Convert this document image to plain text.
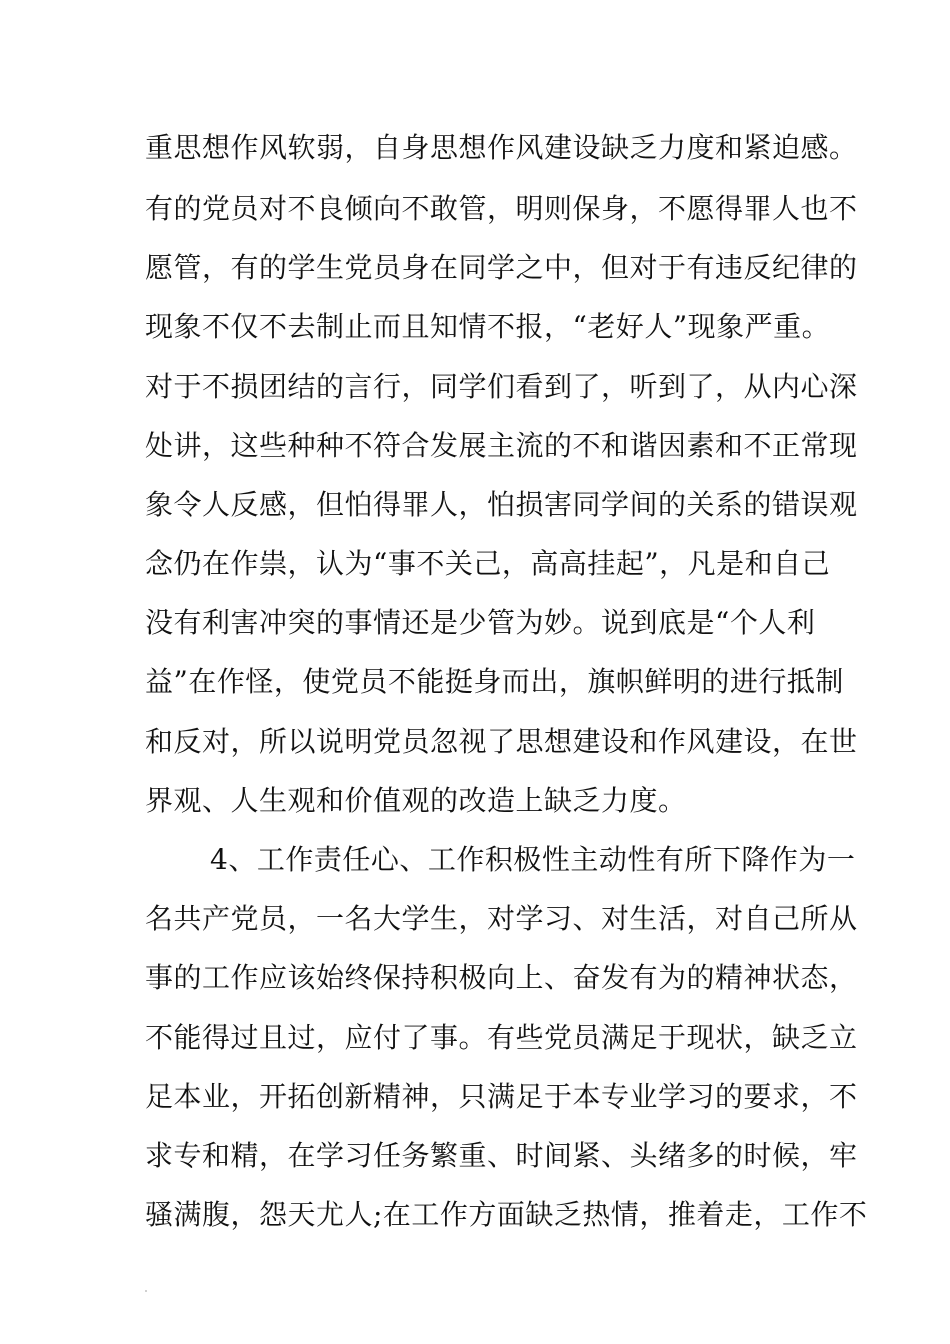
重思想作风软弱，自身思想作风建设缺乏力度和紧迫感。
有的党员对不良倾向不敢管，明则保身，不愿得罪人也不
愿管，有的学生党员身在同学之中，但对于有违反纪律的
现象不仅不去制止而且知情不报，“老好人”现象严重。
对于不损团结的言行，同学们看到了，听到了，从内心深
处讲，这些种种不符合发展主流的不和谐因素和不正常现
象令人反感，但怕得罪人，怕损害同学间的关系的错误观
念仍在作祟，认为“事不关己，高高挂起”，凡是和自己
没有利害冲突的事情还是少管为妙。说到底是“个人利
益”在作怪，使党员不能挺身而出，旗帜鲜明的进行抵制
和反对，所以说明党员忽视了思想建设和作风建设，在世
界观、人生观和价值观的改造上缺乏力度。
4、工作责任心、工作积极性主动性有所下降作为一
名共产党员，一名大学生，对学习、对生活，对自己所从
事的工作应该始终保持积极向上、奋发有为的精神状态，
不能得过且过，应付了事。有些党员满足于现状，缺乏立
足本业，开拓创新精神，只满足于本专业学习的要求，不
求专和精，在学习任务繁重、时间紧、头绪多的时候，牢
骚满腹，怨天尤人;在工作方面缺乏热情，推着走，工作不
